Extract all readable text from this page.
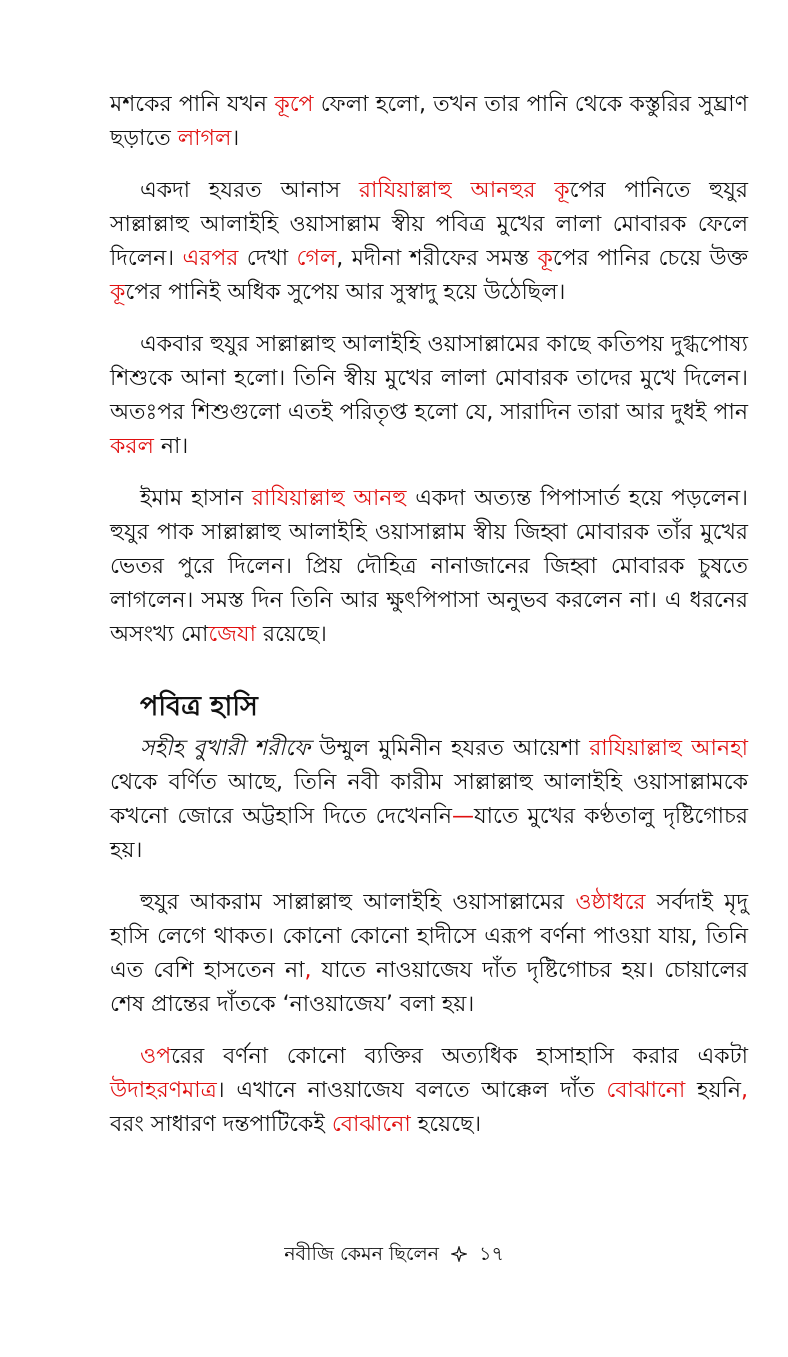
মশকের পানি যখন কূপে ফেলা হলো, তখন তার পানি থেকে কস্তুরির সুঘ্রাণ ছড়াতে লাগল।

একদা হযরত আনাস রাযিয়াল্লাহু আনহুর কূপের পানিতে হুযুর সাল্লাল্লাহু আলাইহি ওয়াসাল্লাম স্বীয় পবিত্র মুখের লালা মোবারক ফেলে দিলেন। এরপর দেখা গেল, মদীনা শরীফের সমস্ত কূপের পানির চেয়ে উক্ত কূপের পানিই অধিক সুপেয় আর সুস্বাদু হয়ে উঠেছিল।

একবার হুযুর সাল্লাল্লাহু আলাইহি ওয়াসাল্লামের কাছে কতিপয় দুগ্ধপোষ্য শিশুকে আনা হলো। তিনি স্বীয় মুখের লালা মোবারক তাদের মুখে দিলেন। অতঃপর শিশুগুলো এতই পরিতৃপ্ত হলো যে, সারাদিন তারা আর দুধই পান করল না।

ইমাম হাসান রাযিয়াল্লাহু আনহু একদা অত্যন্ত পিপাসার্ত হয়ে পড়লেন। হুযুর পাক সাল্লাল্লাহু আলাইহি ওয়াসাল্লাম স্বীয় জিহ্বা মোবারক তাঁর মুখের ভেতর পুরে দিলেন। প্রিয় দৌহিত্র নানাজানের জিহ্বা মোবারক চুষতে লাগলেন। সমস্ত দিন তিনি আর ক্ষুৎপিপাসা অনুভব করলেন না। এ ধরনের অসংখ্য মোজেযা রয়েছে।

পবিত্র হাসি

সহীহ বুখারী শরীফে উম্মুল মুমিনীন হযরত আয়েশা রাযিয়াল্লাহু আনহা থেকে বর্ণিত আছে, তিনি নবী কারীম সাল্লাল্লাহু আলাইহি ওয়াসাল্লামকে কখনো জোরে অট্টহাসি দিতে দেখেননি—যাতে মুখের কণ্ঠতালু দৃষ্টিগোচর হয়।

হুযুর আকরাম সাল্লাল্লাহু আলাইহি ওয়াসাল্লামের ওষ্ঠাধরে সর্বদাই মৃদু হাসি লেগে থাকত। কোনো কোনো হাদীসে এরূপ বর্ণনা পাওয়া যায়, তিনি এত বেশি হাসতেন না, যাতে নাওয়াজেয দাঁত দৃষ্টিগোচর হয়। চোয়ালের শেষ প্রান্তের দাঁতকে ‘নাওয়াজেয’ বলা হয়।

ওপরের বর্ণনা কোনো ব্যক্তির অত্যধিক হাসাহাসি করার একটা উদাহরণমাত্র। এখানে নাওয়াজেয বলতে আক্কেল দাঁত বোঝানো হয়নি, বরং সাধারণ দন্তপাটিকেই বোঝানো হয়েছে।

নবীজি কেমন ছিলেন ১৭
